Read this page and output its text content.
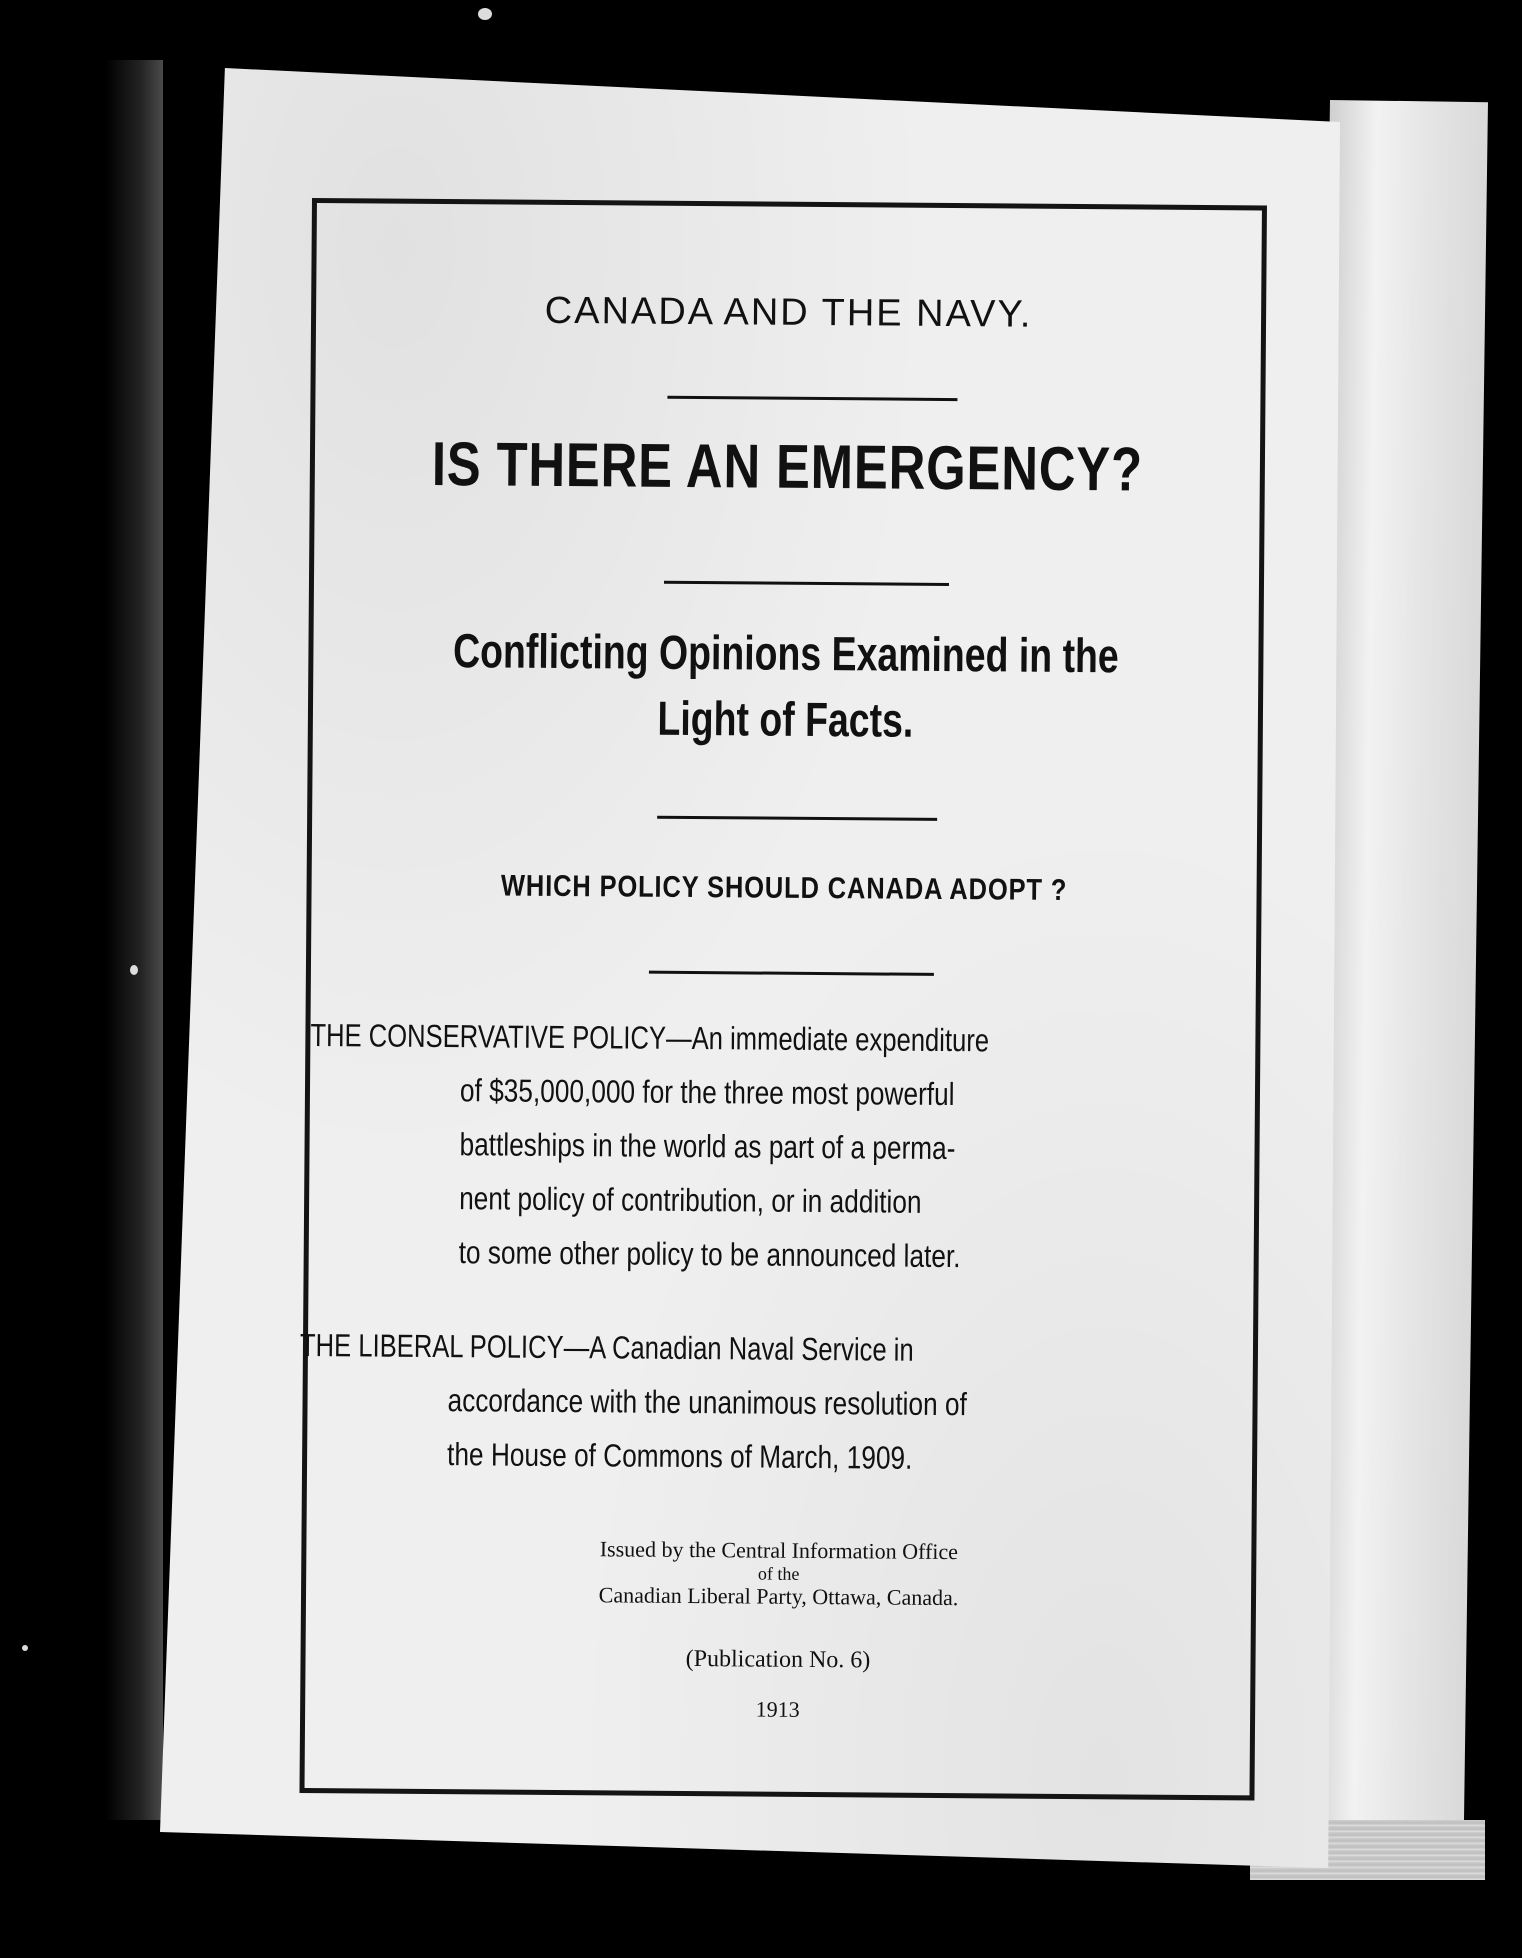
CANADA AND THE NAVY.
IS THERE AN EMERGENCY?
Conflicting Opinions Examined in the
Light of Facts.
WHICH POLICY SHOULD CANADA ADOPT ?
THE CONSERVATIVE POLICY—An immediate expenditure
of $35,000,000 for the three most powerful
battleships in the world as part of a perma-
nent policy of contribution, or in addition
to some other policy to be announced later.
THE LIBERAL POLICY—A Canadian Naval Service in
accordance with the unanimous resolution of
the House of Commons of March, 1909.
Issued by the Central Information Office
of the
Canadian Liberal Party, Ottawa, Canada.
(Publication No. 6)
1913
